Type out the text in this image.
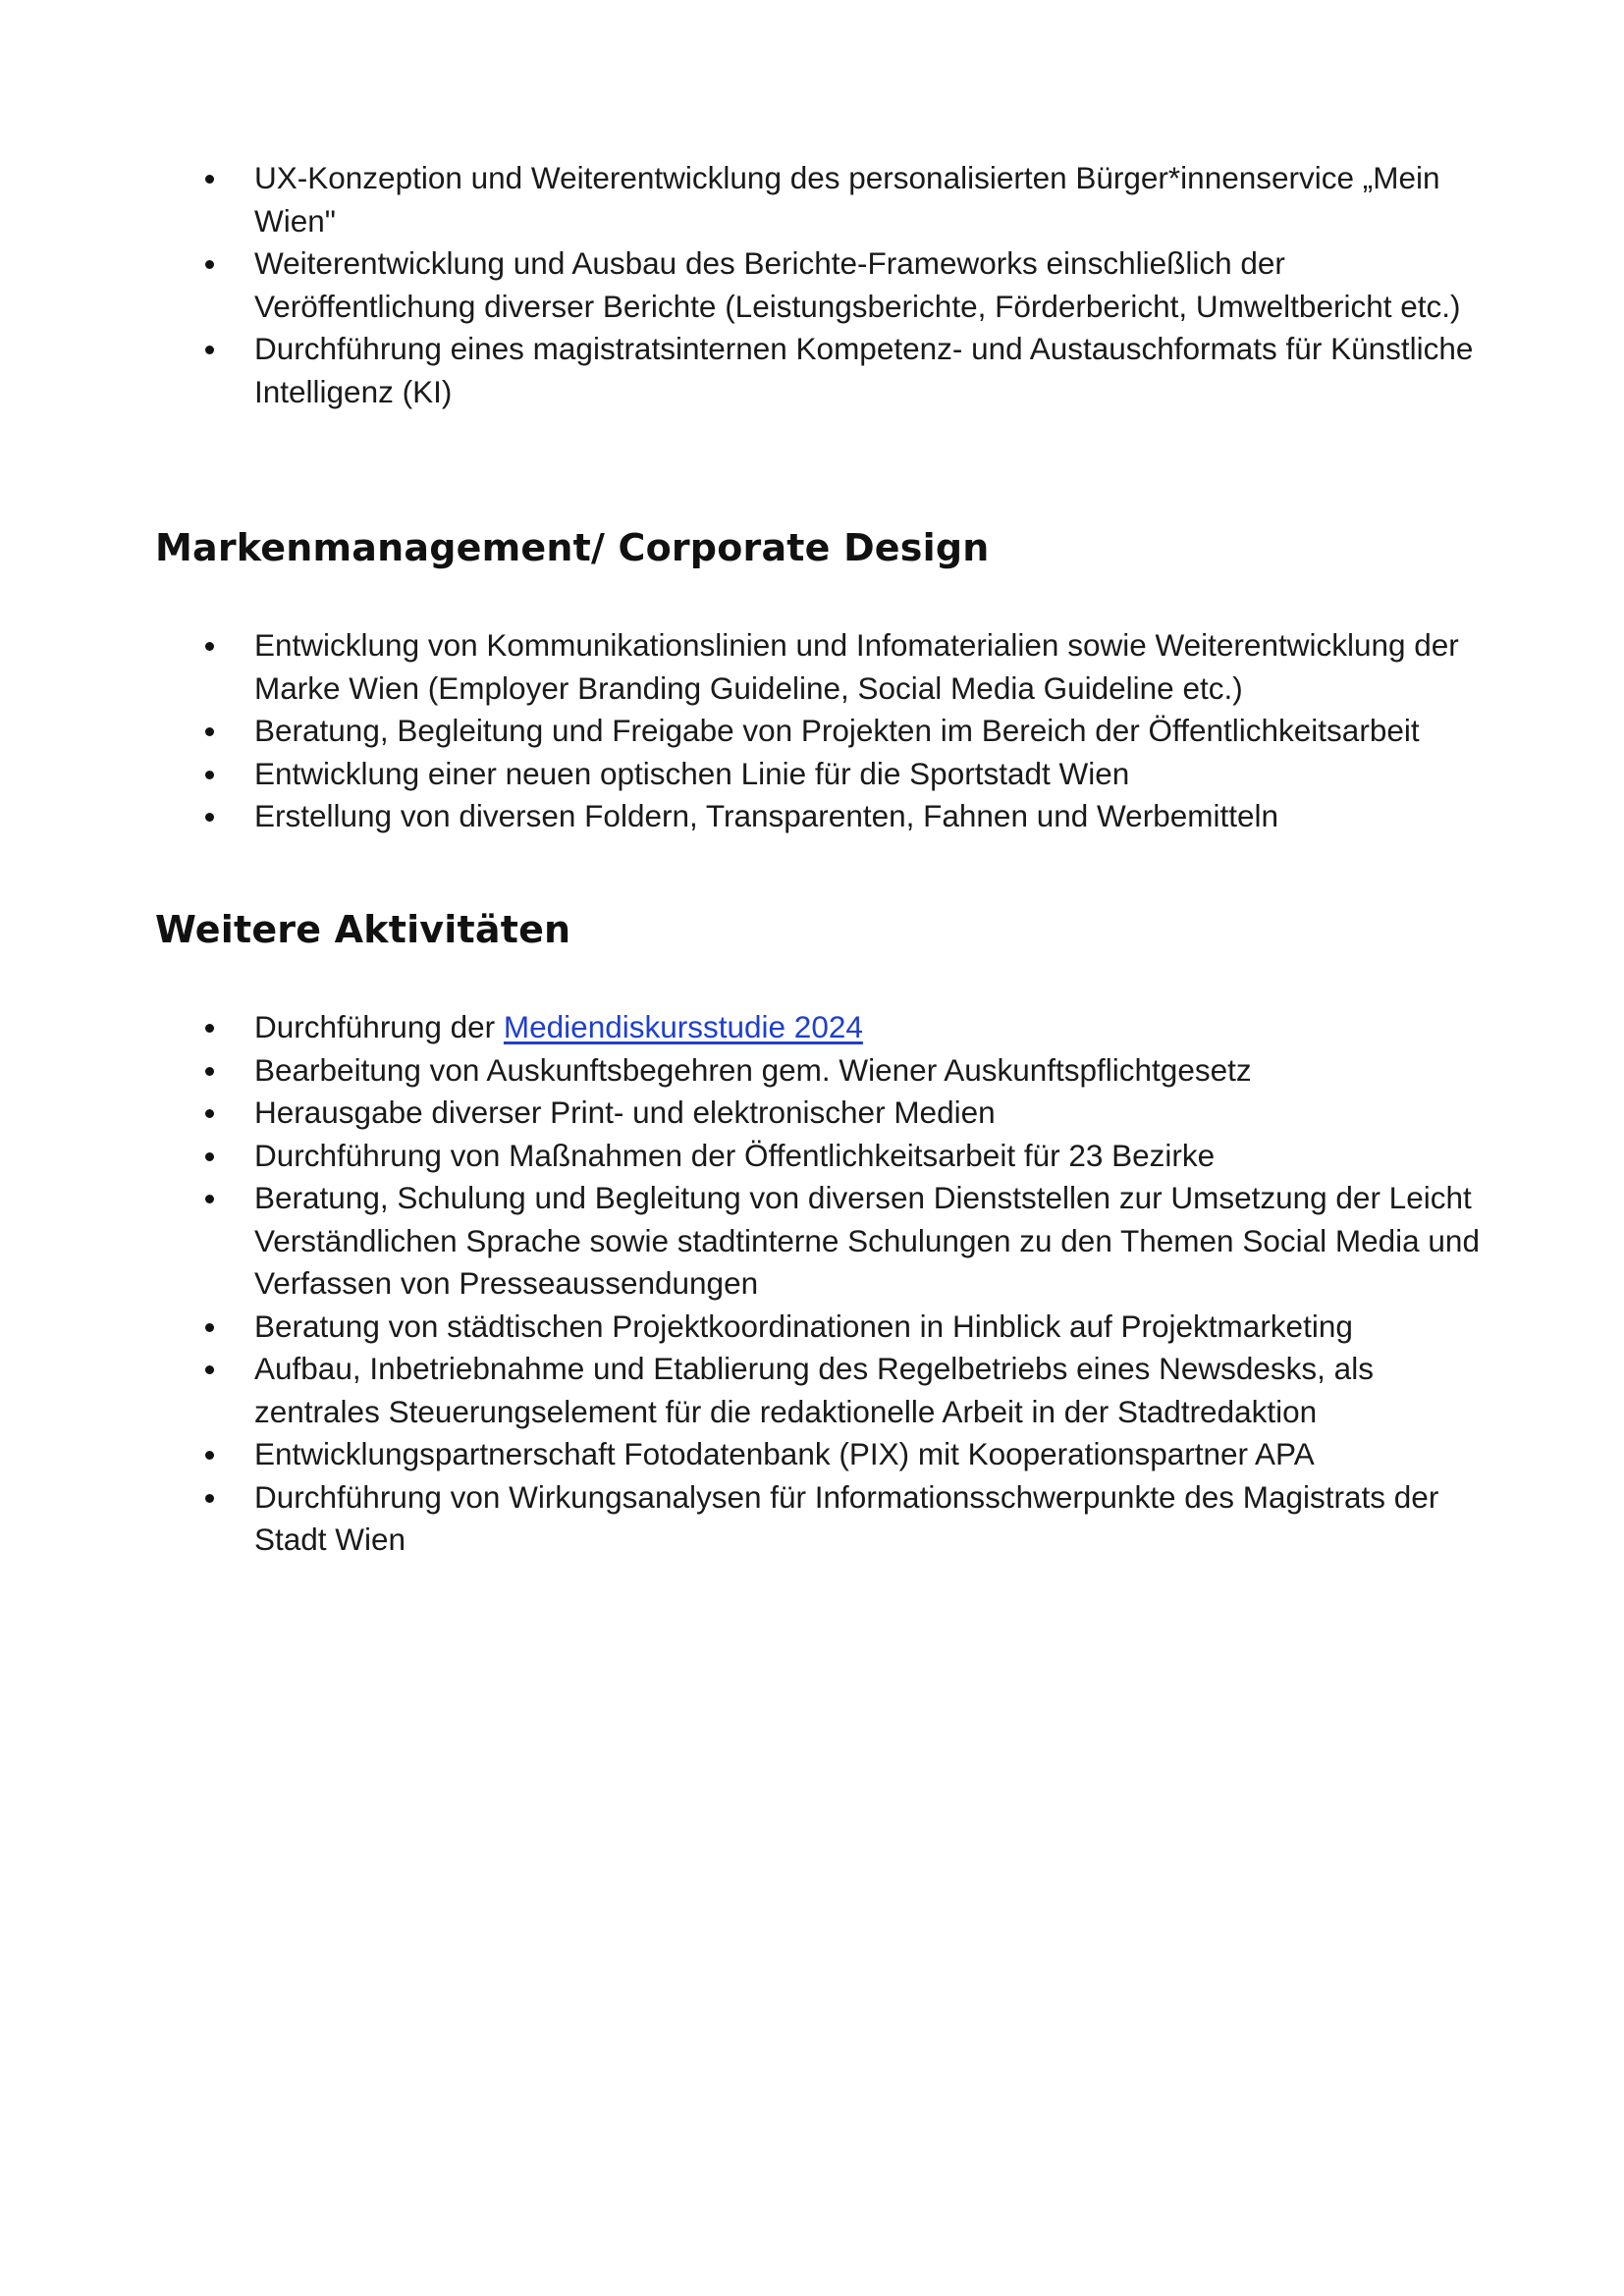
UX-Konzeption und Weiterentwicklung des personalisierten Bürger*innenservice „Mein Wien"
Weiterentwicklung und Ausbau des Berichte-Frameworks einschließlich der Veröffentlichung diverser Berichte (Leistungsberichte, Förderbericht, Umweltbericht etc.)
Durchführung eines magistratsinternen Kompetenz- und Austauschformats für Künstliche Intelligenz (KI)
Markenmanagement/ Corporate Design
Entwicklung von Kommunikationslinien und Infomaterialien sowie Weiterentwicklung der Marke Wien (Employer Branding Guideline, Social Media Guideline etc.)
Beratung, Begleitung und Freigabe von Projekten im Bereich der Öffentlichkeitsarbeit
Entwicklung einer neuen optischen Linie für die Sportstadt Wien
Erstellung von diversen Foldern, Transparenten, Fahnen und Werbemitteln
Weitere Aktivitäten
Durchführung der Mediendiskursstudie 2024
Bearbeitung von Auskunftsbegehren gem. Wiener Auskunftspflichtgesetz
Herausgabe diverser Print- und elektronischer Medien
Durchführung von Maßnahmen der Öffentlichkeitsarbeit für 23 Bezirke
Beratung, Schulung und Begleitung von diversen Dienststellen zur Umsetzung der Leicht Verständlichen Sprache sowie stadtinterne Schulungen zu den Themen Social Media und Verfassen von Presseaussendungen
Beratung von städtischen Projektkoordinationen in Hinblick auf Projektmarketing
Aufbau, Inbetriebnahme und Etablierung des Regelbetriebs eines Newsdesks, als zentrales Steuerungselement für die redaktionelle Arbeit in der Stadtredaktion
Entwicklungspartnerschaft Fotodatenbank (PIX) mit Kooperationspartner APA
Durchführung von Wirkungsanalysen für Informationsschwerpunkte des Magistrats der Stadt Wien
